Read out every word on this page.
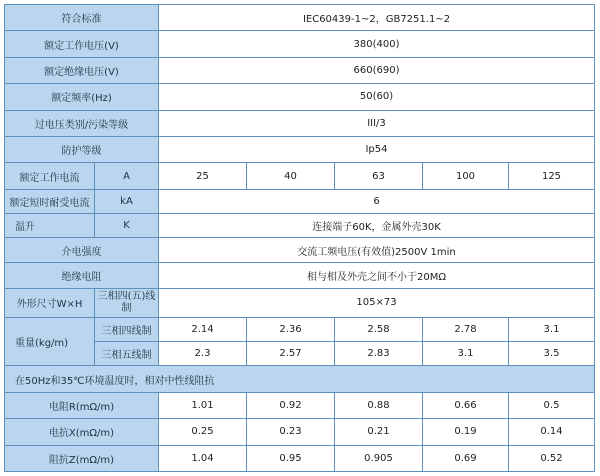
符合标准		IEC60439-1~2，GB7251.1~2				
额定工作电压(V)		380(400)				
额定绝缘电压(V)		660(690)				
额定频率(Hz)		50(60)				
过电压类别/污染等级		III/3				
防护等级		Ip54				
额定工作电流	A	25	40	63	100	125
额定短时耐受电流	kA	6				
温升	K	连接端子60K，金属外壳30K				
介电强度		交流工频电压(有效值)2500V 1min				
绝缘电阻		相与相及外壳之间不小于20MΩ				
外形尺寸W×H	三相四(五)线制	105×73				
重量(kg/m)	三相四线制	2.14	2.36	2.58	2.78	3.1
	三相五线制	2.3	2.57	2.83	3.1	3.5
在50Hz和35℃环境温度时，相对中性线阻抗						
电阻R(mΩ/m)		1.01	0.92	0.88	0.66	0.5
电抗X(mΩ/m)		0.25	0.23	0.21	0.19	0.14
阻抗Z(mΩ/m)		1.04	0.95	0.905	0.69	0.52
